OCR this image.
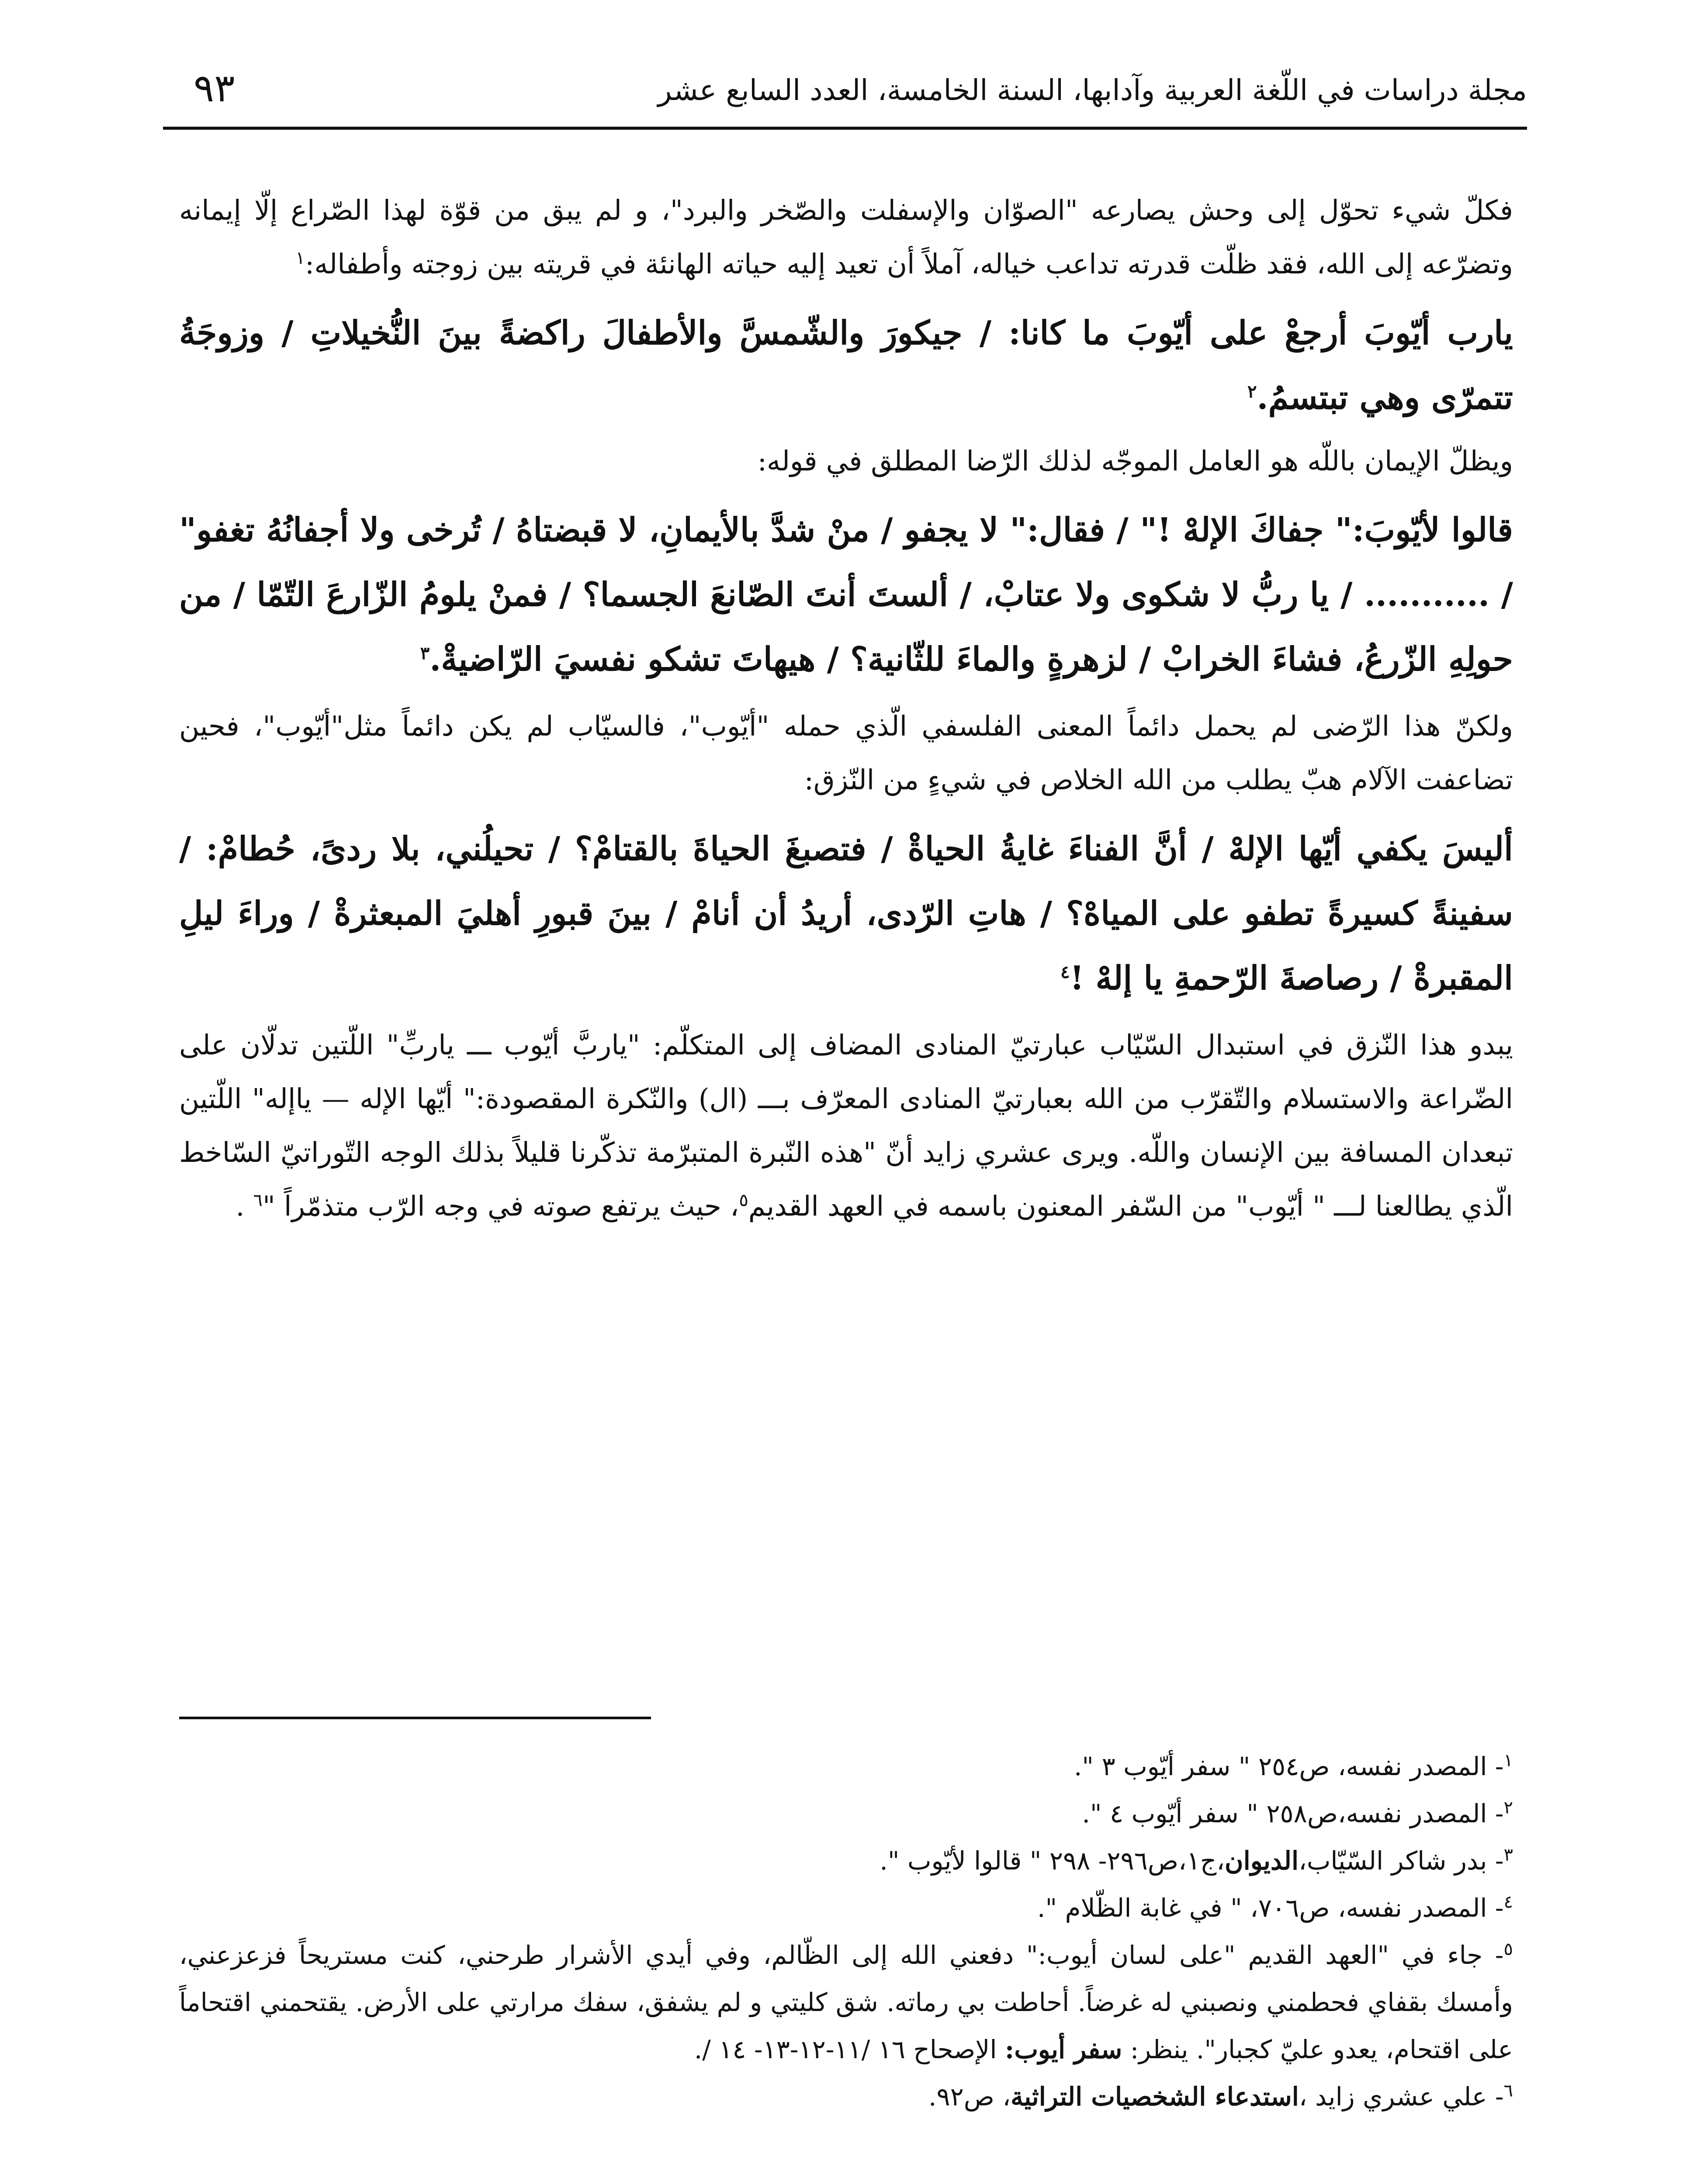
مجلة دراسات في اللّغة العربية وآدابها، السنة الخامسة، العدد السابع عشر
٩٣

فكلّ شيء تحوّل إلى وحش يصارعه "الصوّان والإسفلت والصّخر والبرد"، و لم يبق من قوّة لهذا الصّراع إلّا إيمانه وتضرّعه إلى الله، فقد ظلّت قدرته تداعب خياله، آملاً أن تعيد إليه حياته الهانئة في قريته بين زوجته وأطفاله:$^١$

يارب أيّوبَ أرجعْ على أيّوبَ ما كانا: / جيكورَ والشّمسَّ والأطفالَ راكضةً بينَ النُّخيلاتِ / وزوجَةُ تتمرّى وهي تبتسمُ.$^٢$

ويظلّ الإيمان باللّه هو العامل الموجّه لذلك الرّضا المطلق في قوله:

قالوا لأيّوبَ:" جفاكَ الإلهْ !" / فقال:" لا يجفو / منْ شدَّ بالأيمانِ، لا قبضتاهُ / تُرخى ولا أجفانُهُ تغفو" / ........... / يا ربُّ لا شكوى ولا عتابْ، / ألستَ أنتَ الصّانعَ الجسما؟ / فمنْ يلومُ الزّارعَ التّمّا / من حولِهِ الزّرعُ، فشاءَ الخرابْ / لزهرةٍ والماءَ للثّانية؟ / هيهاتَ تشكو نفسيَ الرّاضيةْ.$^٣$

ولكنّ هذا الرّضى لم يحمل دائماً المعنى الفلسفي الّذي حمله "أيّوب"، فالسيّاب لم يكن دائماً مثل"أيّوب"، فحين تضاعفت الآلام هبّ يطلب من الله الخلاص في شيءٍ من النّزق:

أليسَ يكفي أيّها الإلهْ / أنَّ الفناءَ غايةُ الحياةْ / فتصبغَ الحياةَ بالقتامْ؟ / تحيلُني، بلا ردىً، حُطامْ: / سفينةً كسيرةً تطفو على المياهْ؟ / هاتِ الرّدى، أريدُ أن أنامْ / بينَ قبورِ أهليَ المبعثرةْ / وراءَ ليلِ المقبرةْ / رصاصةَ الرّحمةِ يا إلهْ !$^٤$

يبدو هذا النّزق في استبدال السّيّاب عبارتيّ المنادى المضاف إلى المتكلّم: "ياربَّ أيّوب ـــ ياربِّ" اللّتين تدلّان على الضّراعة والاستسلام والتّقرّب من الله بعبارتيّ المنادى المعرّف بـــ (ال) والنّكرة المقصودة:" أيّها الإله — ياإله" اللّتين تبعدان المسافة بين الإنسان واللّه. ويرى عشري زايد أنّ "هذه النّبرة المتبرّمة تذكّرنا قليلاً بذلك الوجه التّوراتيّ السّاخط الّذي يطالعنا لـــ " أيّوب" من السّفر المعنون باسمه في العهد القديم$^٥$، حيث يرتفع صوته في وجه الرّب متذمّراً "$^٦$ .

$^١$- المصدر نفسه، ص٢٥٤ " سفر أيّوب ٣ ".

$^٢$- المصدر نفسه،ص٢٥٨ " سفر أيّوب ٤ ".

$^٣$- بدر شاكر السّيّاب،الديوان،ج١،ص٢٩٦- ٢٩٨ " قالوا لأيّوب ".

$^٤$- المصدر نفسه، ص٧٠٦، " في غابة الظّلام ".

$^٥$- جاء في "العهد القديم "على لسان أيوب:" دفعني الله إلى الظّالم، وفي أيدي الأشرار طرحني، كنت مستريحاً فزعزعني، وأمسك بقفاي فحطمني ونصبني له غرضاً. أحاطت بي رماته. شق كليتي و لم يشفق، سفك مرارتي على الأرض. يقتحمني اقتحاماً على اقتحام، يعدو عليّ كجبار". ينظر: سفر أيوب: الإصحاح ١٦ /١١-١٢-١٣- ١٤ /.

$^٦$- علي عشري زايد ،استدعاء الشخصيات التراثية، ص٩٢.
